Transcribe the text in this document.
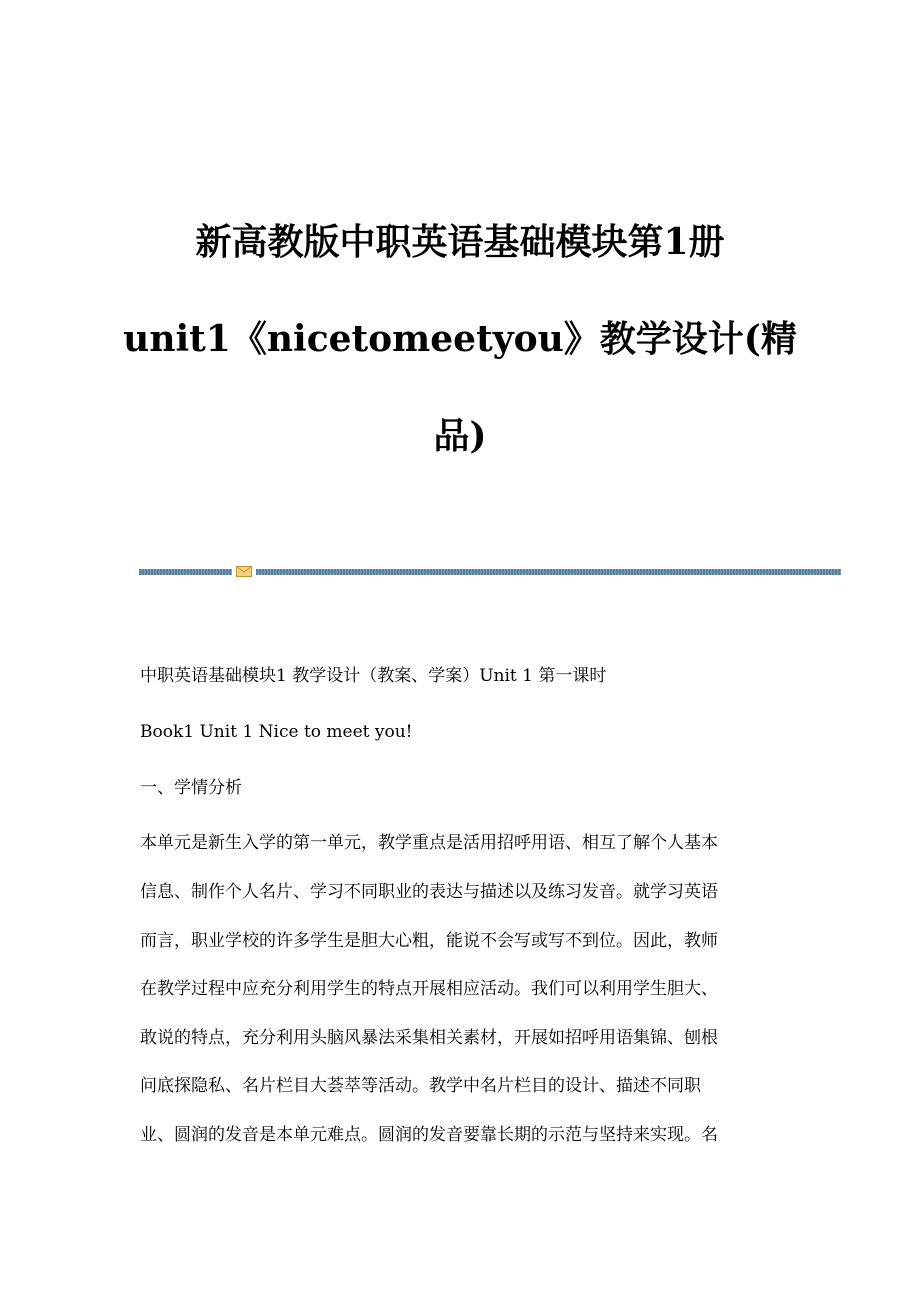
新高教版中职英语基础模块第1册
unit1《nicetomeetyou》教学设计(精
品)
中职英语基础模块1 教学设计（教案、学案）Unit 1 第一课时
Book1 Unit 1 Nice to meet you!
一、学情分析
本单元是新生入学的第一单元，教学重点是活用招呼用语、相互了解个人基本
信息、制作个人名片、学习不同职业的表达与描述以及练习发音。就学习英语
而言，职业学校的许多学生是胆大心粗，能说不会写或写不到位。因此，教师
在教学过程中应充分利用学生的特点开展相应活动。我们可以利用学生胆大、
敢说的特点，充分利用头脑风暴法采集相关素材，开展如招呼用语集锦、刨根
问底探隐私、名片栏目大荟萃等活动。教学中名片栏目的设计、描述不同职
业、圆润的发音是本单元难点。圆润的发音要靠长期的示范与坚持来实现。名
